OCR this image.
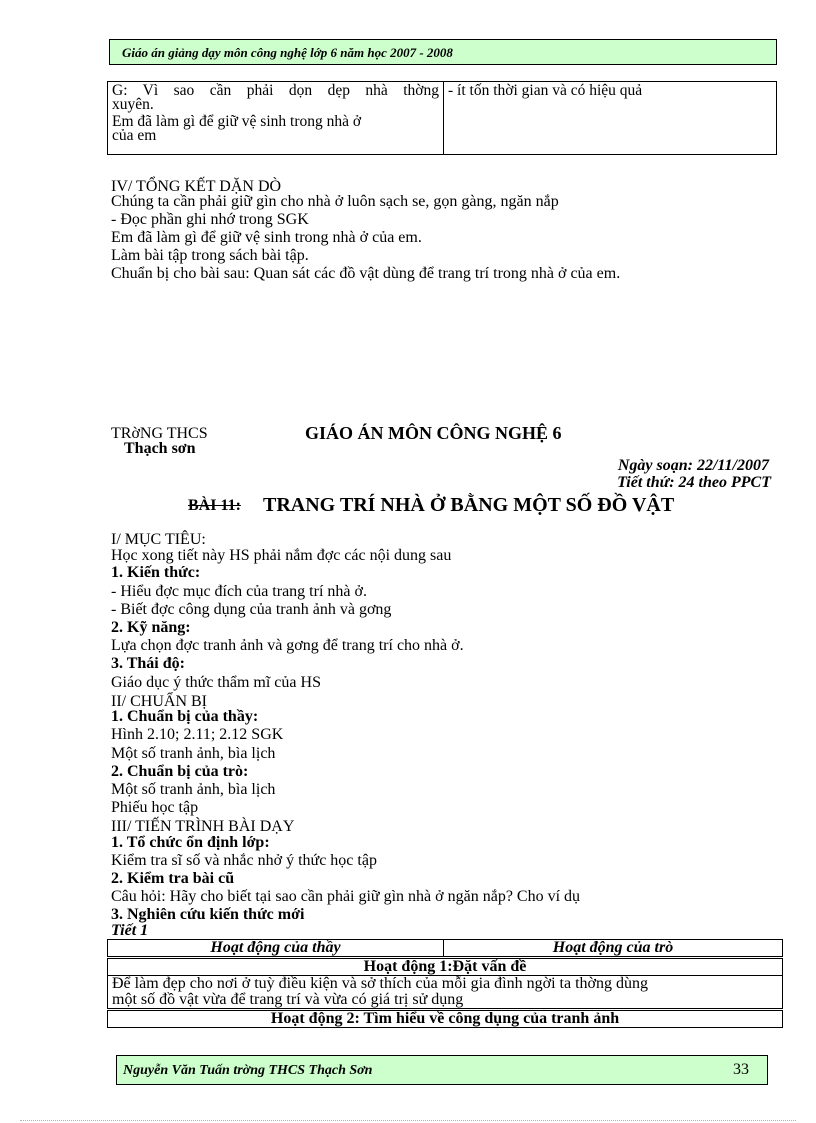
Giáo án giảng dạy môn công nghệ lớp 6 năm học 2007 - 2008
G: Vì sao cần phải dọn dẹp nhà thờng
xuyên.
Em đã làm gì để giữ vệ sinh trong nhà ở
của em

- ít tốn thời gian và có hiệu quả
IV/ TỔNG KẾT DẶN DÒ
Chúng ta cần phải giữ gìn cho nhà ở luôn sạch se, gọn gàng, ngăn nắp
- Đọc phần ghi nhớ trong SGK
Em đã làm gì để giữ vệ sinh trong nhà ở của em.
Làm bài tập trong sách bài tập.
Chuẩn bị cho bài sau: Quan sát các đồ vật dùng để trang trí trong nhà ở của em.
TRờNG THCS
Thạch sơn
GIÁO ÁN MÔN CÔNG NGHỆ 6
Ngày soạn: 22/11/2007
Tiết thứ: 24 theo PPCT
BÀI 11: TRANG TRÍ NHÀ Ở BẰNG MỘT SỐ ĐỒ VẬT
I/ MỤC TIÊU:
Học xong tiết này HS phải nắm đợc các nội dung sau
1. Kiến thức:
- Hiểu đợc mục đích của trang trí nhà ở.
- Biết đợc công dụng của tranh ảnh và gơng
2. Kỹ năng:
Lựa chọn đợc tranh ảnh và gơng để trang trí cho nhà ở.
3. Thái độ:
Giáo dục ý thức thẩm mĩ của HS
II/ CHUẨN BỊ
1. Chuẩn bị của thầy:
Hình 2.10; 2.11; 2.12 SGK
Một số tranh ảnh, bìa lịch
2. Chuẩn bị của trò:
Một số tranh ảnh, bìa lịch
Phiếu học tập
III/ TIẾN TRÌNH BÀI DẠY
1. Tổ chức ổn định lớp:
Kiểm tra sĩ số và nhắc nhở ý thức học tập
2. Kiểm tra bài cũ
Câu hỏi: Hãy cho biết tại sao cần phải giữ gìn nhà ở ngăn nắp? Cho ví dụ
3. Nghiên cứu kiến thức mới
Tiết 1
Hoạt động của thầy	Hoạt động của trò
Hoạt động 1:Đặt vấn đề

Để làm đẹp cho nơi ở tuỳ điều kiện và sở thích của mỗi gia đình ngời ta thờng dùng
một số đồ vật vừa để trang trí và vừa có giá trị sử dụng

Hoạt động 2: Tìm hiểu về công dụng của tranh ảnh
Nguyễn Văn Tuấn trờng THCS Thạch Sơn	33
